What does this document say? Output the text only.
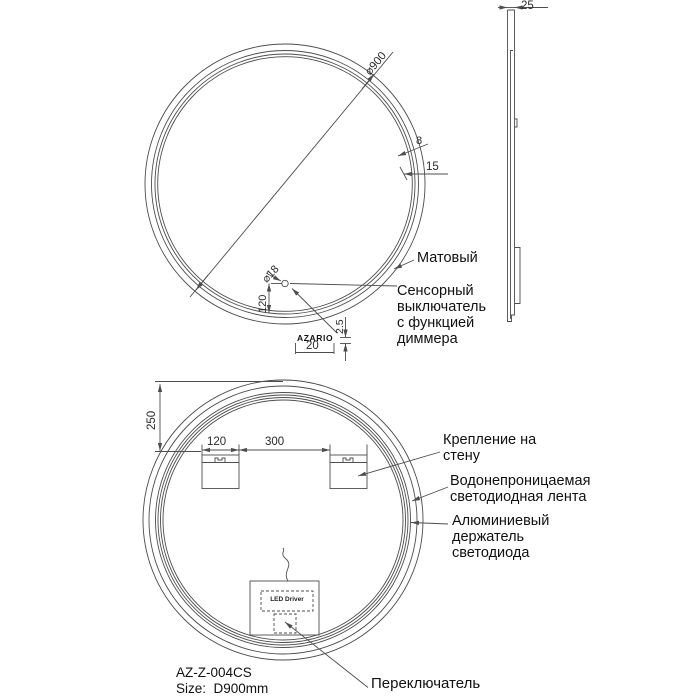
25
⌀900
8
15
Матовый
Сенсорный выключатель с функцией диммера
⌀18
120
AZARIO
2.5
20
250
120	300	Крепление на стену
Водонепроницаемая светодиодная лента
Алюминиевый держатель светодиода
LED Driver
Переключатель
AZ-Z-004CS
Size:  D900mm
